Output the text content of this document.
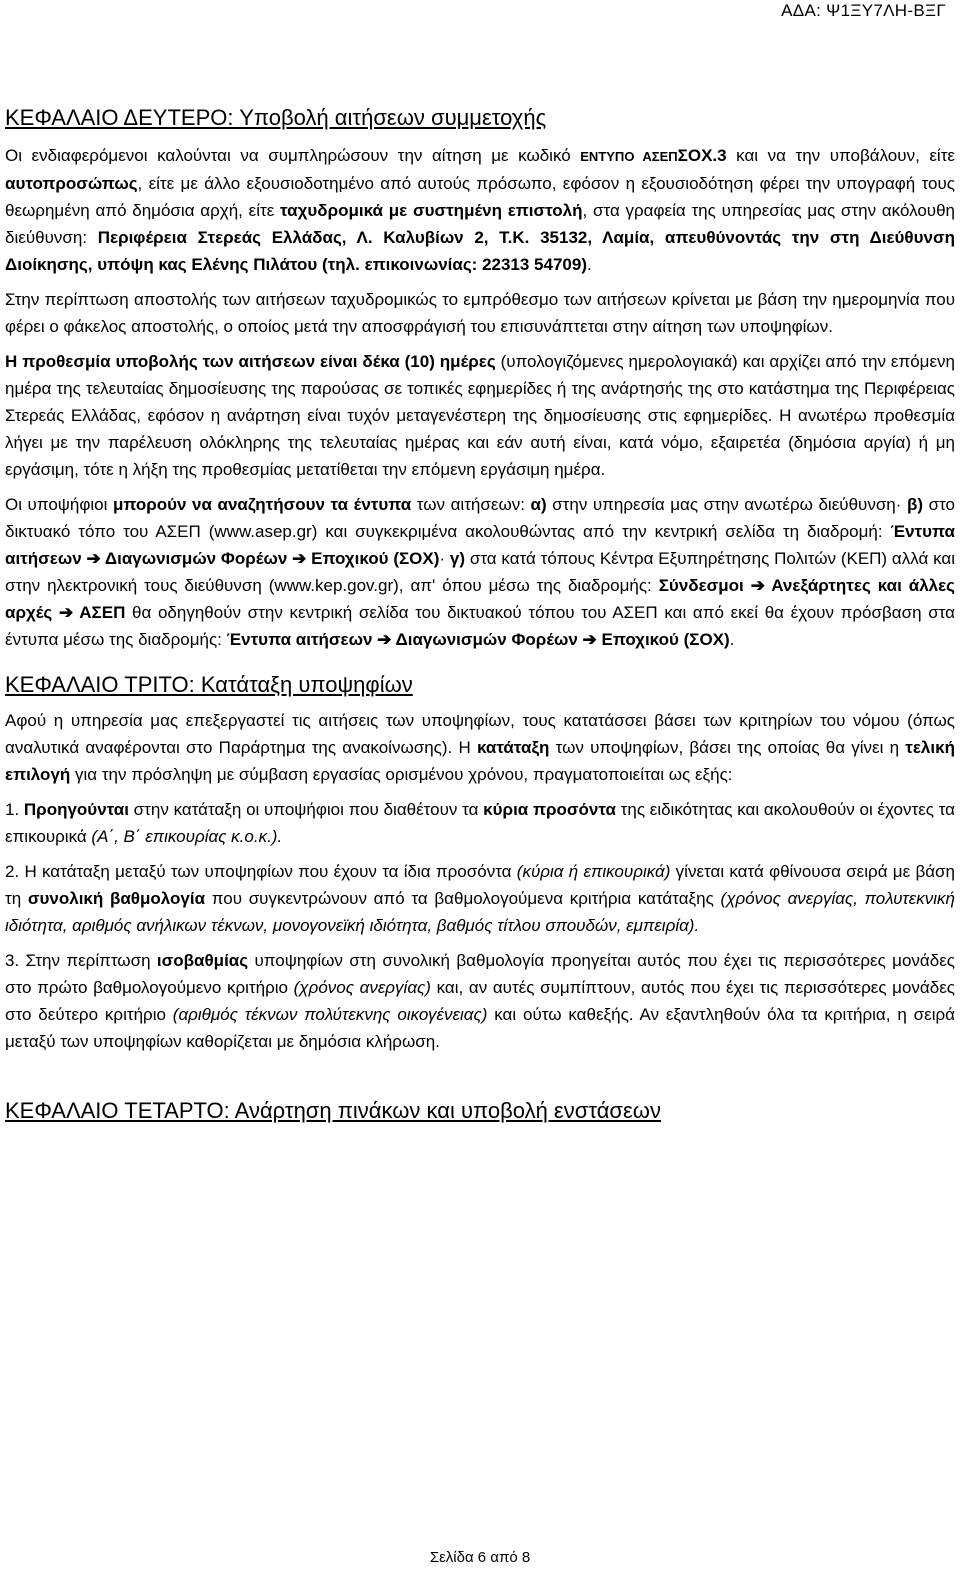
ΑΔΑ: Ψ1ΞΥ7ΛΗ-ΒΞΓ
ΚΕΦΑΛΑΙΟ ΔΕΥΤΕΡΟ: Υποβολή αιτήσεων συμμετοχής

Οι ενδιαφερόμενοι καλούνται να συμπληρώσουν την αίτηση με κωδικό ΕΝΤΥΠΟ ΑΣΕΠΣΟΧ.3 και να την υποβάλουν, είτε αυτοπροσώπως, είτε με άλλο εξουσιοδοτημένο από αυτούς πρόσωπο, εφόσον η εξουσιοδότηση φέρει την υπογραφή τους θεωρημένη από δημόσια αρχή, είτε ταχυδρομικά με συστημένη επιστολή, στα γραφεία της υπηρεσίας μας στην ακόλουθη διεύθυνση: Περιφέρεια Στερεάς Ελλάδας, Λ. Καλυβίων 2, Τ.Κ. 35132, Λαμία, απευθύνοντάς την στη Διεύθυνση Διοίκησης, υπόψη κας Ελένης Πιλάτου (τηλ. επικοινωνίας: 22313 54709).

Στην περίπτωση αποστολής των αιτήσεων ταχυδρομικώς το εμπρόθεσμο των αιτήσεων κρίνεται με βάση την ημερομηνία που φέρει ο φάκελος αποστολής, ο οποίος μετά την αποσφράγισή του επισυνάπτεται στην αίτηση των υποψηφίων.

Η προθεσμία υποβολής των αιτήσεων είναι δέκα (10) ημέρες (υπολογιζόμενες ημερολογιακά) και αρχίζει από την επόμενη ημέρα της τελευταίας δημοσίευσης της παρούσας σε τοπικές εφημερίδες ή της ανάρτησής της στο κατάστημα της Περιφέρειας Στερεάς Ελλάδας, εφόσον η ανάρτηση είναι τυχόν μεταγενέστερη της δημοσίευσης στις εφημερίδες. Η ανωτέρω προθεσμία λήγει με την παρέλευση ολόκληρης της τελευταίας ημέρας και εάν αυτή είναι, κατά νόμο, εξαιρετέα (δημόσια αργία) ή μη εργάσιμη, τότε η λήξη της προθεσμίας μετατίθεται την επόμενη εργάσιμη ημέρα.

Οι υποψήφιοι μπορούν να αναζητήσουν τα έντυπα των αιτήσεων: α) στην υπηρεσία μας στην ανωτέρω διεύθυνση· β) στο δικτυακό τόπο του ΑΣΕΠ (www.asep.gr) και συγκεκριμένα ακολουθώντας από την κεντρική σελίδα τη διαδρομή: Έντυπα αιτήσεων ➔ Διαγωνισμών Φορέων ➔ Εποχικού (ΣΟΧ)· γ) στα κατά τόπους Κέντρα Εξυπηρέτησης Πολιτών (ΚΕΠ) αλλά και στην ηλεκτρονική τους διεύθυνση (www.kep.gov.gr), απ' όπου μέσω της διαδρομής: Σύνδεσμοι ➔ Ανεξάρτητες και άλλες αρχές ➔ ΑΣΕΠ θα οδηγηθούν στην κεντρική σελίδα του δικτυακού τόπου του ΑΣΕΠ και από εκεί θα έχουν πρόσβαση στα έντυπα μέσω της διαδρομής: Έντυπα αιτήσεων ➔ Διαγωνισμών Φορέων ➔ Εποχικού (ΣΟΧ).

ΚΕΦΑΛΑΙΟ ΤΡΙΤΟ: Κατάταξη υποψηφίων

Αφού η υπηρεσία μας επεξεργαστεί τις αιτήσεις των υποψηφίων, τους κατατάσσει βάσει των κριτηρίων του νόμου (όπως αναλυτικά αναφέρονται στο Παράρτημα της ανακοίνωσης). Η κατάταξη των υποψηφίων, βάσει της οποίας θα γίνει η τελική επιλογή για την πρόσληψη με σύμβαση εργασίας ορισμένου χρόνου, πραγματοποιείται ως εξής:

1. Προηγούνται στην κατάταξη οι υποψήφιοι που διαθέτουν τα κύρια προσόντα της ειδικότητας και ακολουθούν οι έχοντες τα επικουρικά (Α΄, Β΄ επικουρίας κ.ο.κ.).

2. Η κατάταξη μεταξύ των υποψηφίων που έχουν τα ίδια προσόντα (κύρια ή επικουρικά) γίνεται κατά φθίνουσα σειρά με βάση τη συνολική βαθμολογία που συγκεντρώνουν από τα βαθμολογούμενα κριτήρια κατάταξης (χρόνος ανεργίας, πολυτεκνική ιδιότητα, αριθμός ανήλικων τέκνων, μονογονεϊκή ιδιότητα, βαθμός τίτλου σπουδών, εμπειρία).

3. Στην περίπτωση ισοβαθμίας υποψηφίων στη συνολική βαθμολογία προηγείται αυτός που έχει τις περισσότερες μονάδες στο πρώτο βαθμολογούμενο κριτήριο (χρόνος ανεργίας) και, αν αυτές συμπίπτουν, αυτός που έχει τις περισσότερες μονάδες στο δεύτερο κριτήριο (αριθμός τέκνων πολύτεκνης οικογένειας) και ούτω καθεξής. Αν εξαντληθούν όλα τα κριτήρια, η σειρά μεταξύ των υποψηφίων καθορίζεται με δημόσια κλήρωση.

ΚΕΦΑΛΑΙΟ ΤΕΤΑΡΤΟ: Ανάρτηση πινάκων και υποβολή ενστάσεων
Σελίδα 6 από 8
